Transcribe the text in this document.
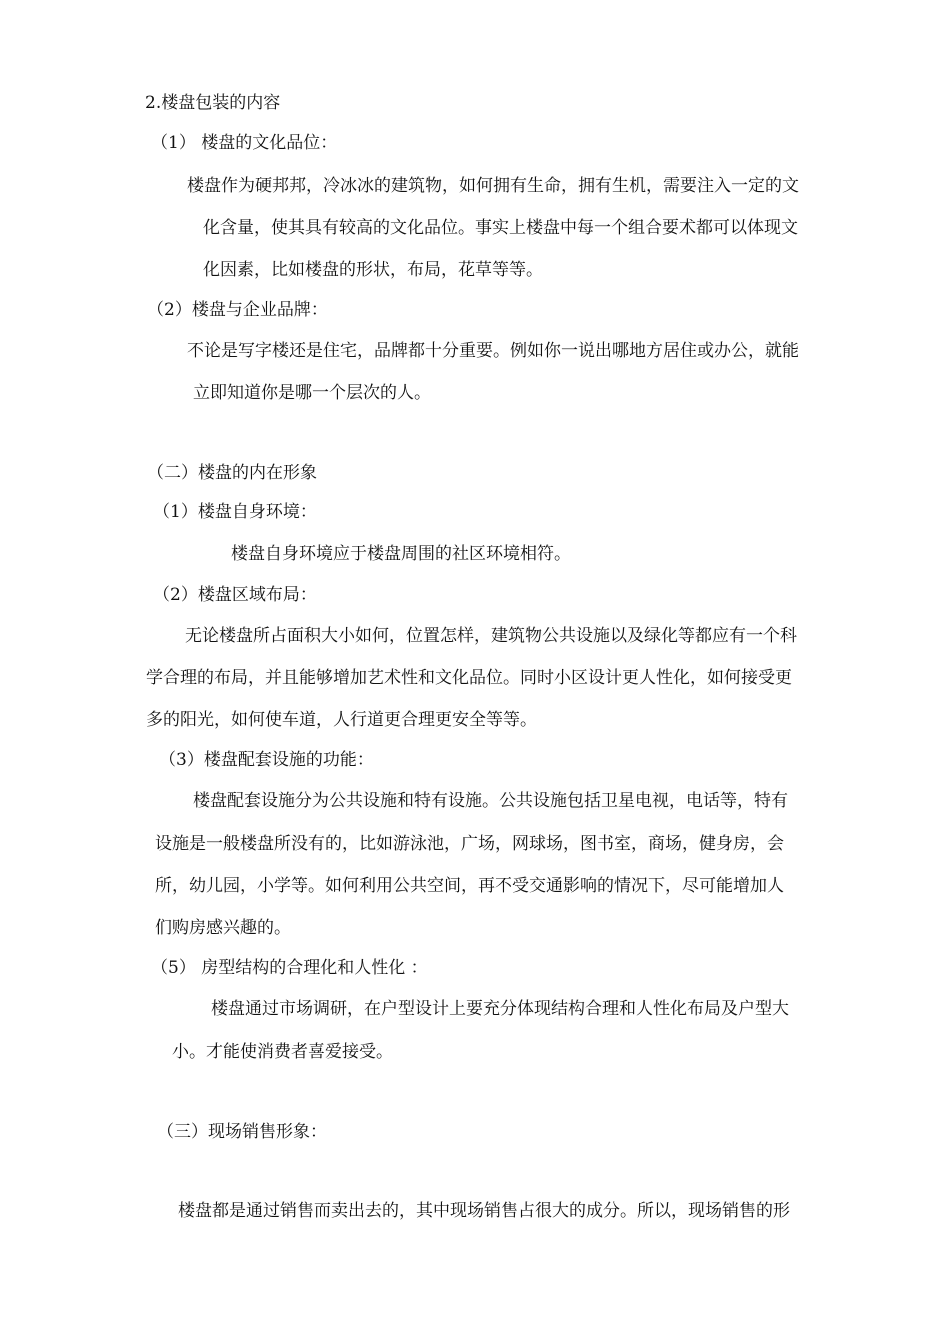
2.楼盘包装的内容
（1） 楼盘的文化品位：
楼盘作为硬邦邦，冷冰冰的建筑物，如何拥有生命，拥有生机，需要注入一定的文
化含量，使其具有较高的文化品位。事实上楼盘中每一个组合要术都可以体现文
化因素，比如楼盘的形状，布局，花草等等。
（2）楼盘与企业品牌：
不论是写字楼还是住宅，品牌都十分重要。例如你一说出哪地方居住或办公，就能
立即知道你是哪一个层次的人。
（二）楼盘的内在形象
（1）楼盘自身环境：
楼盘自身环境应于楼盘周围的社区环境相符。
（2）楼盘区域布局：
无论楼盘所占面积大小如何，位置怎样，建筑物公共设施以及绿化等都应有一个科
学合理的布局，并且能够增加艺术性和文化品位。同时小区设计更人性化，如何接受更
多的阳光，如何使车道，人行道更合理更安全等等。
（3）楼盘配套设施的功能：
楼盘配套设施分为公共设施和特有设施。公共设施包括卫星电视，电话等，特有
设施是一般楼盘所没有的，比如游泳池，广场，网球场，图书室，商场，健身房，会
所，幼儿园，小学等。如何利用公共空间，再不受交通影响的情况下，尽可能增加人
们购房感兴趣的。
（5） 房型结构的合理化和人性化 ：
楼盘通过市场调研，在户型设计上要充分体现结构合理和人性化布局及户型大
小。才能使消费者喜爱接受。
（三）现场销售形象：
楼盘都是通过销售而卖出去的，其中现场销售占很大的成分。所以，现场销售的形
